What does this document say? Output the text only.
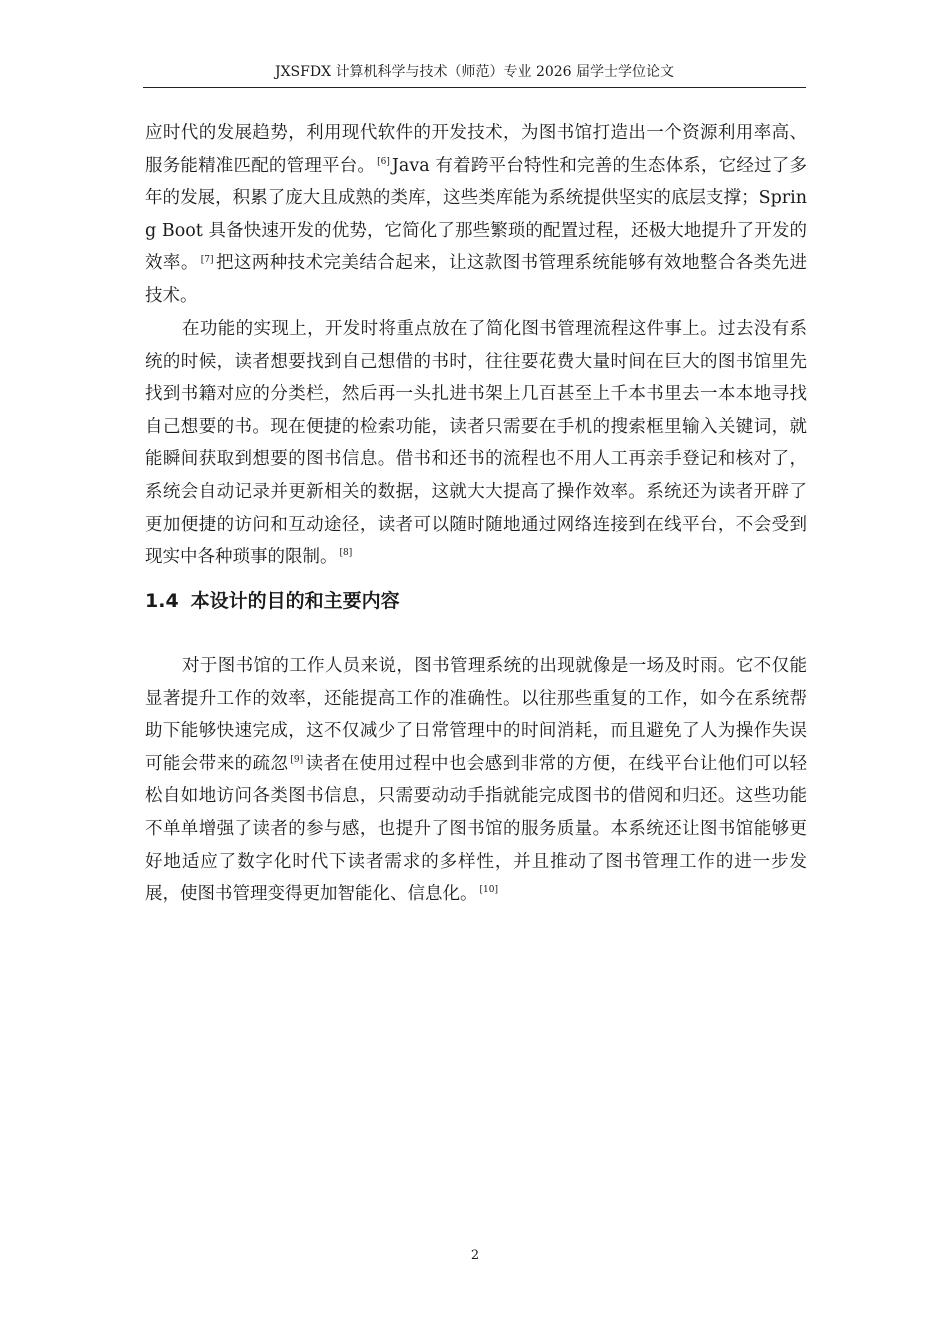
JXSFDX 计算机科学与技术（师范）专业 2026 届学士学位论文

应时代的发展趋势，利用现代软件的开发技术，为图书馆打造出一个资源利用率高、服务能精准匹配的管理平台。 [6] Java 有着跨平台特性和完善的生态体系，它经过了多年的发展，积累了庞大且成熟的类库，这些类库能为系统提供坚实的底层支撑；Spring Boot 具备快速开发的优势，它简化了那些繁琐的配置过程，还极大地提升了开发的效率。 [7] 把这两种技术完美结合起来，让这款图书管理系统能够有效地整合各类先进技术。

在功能的实现上，开发时将重点放在了简化图书管理流程这件事上。过去没有系统的时候，读者想要找到自己想借的书时，往往要花费大量时间在巨大的图书馆里先找到书籍对应的分类栏，然后再一头扎进书架上几百甚至上千本书里去一本本地寻找自己想要的书。现在便捷的检索功能，读者只需要在手机的搜索框里输入关键词，就能瞬间获取到想要的图书信息。借书和还书的流程也不用人工再亲手登记和核对了，系统会自动记录并更新相关的数据，这就大大提高了操作效率。系统还为读者开辟了更加便捷的访问和互动途径，读者可以随时随地通过网络连接到在线平台，不会受到现实中各种琐事的限制。 [8]

1.4 本设计的目的和主要内容

对于图书馆的工作人员来说，图书管理系统的出现就像是一场及时雨。它不仅能显著提升工作的效率，还能提高工作的准确性。以往那些重复的工作，如今在系统帮助下能够快速完成，这不仅减少了日常管理中的时间消耗，而且避免了人为操作失误可能会带来的疏忽 [9] 读者在使用过程中也会感到非常的方便，在线平台让他们可以轻松自如地访问各类图书信息，只需要动动手指就能完成图书的借阅和归还。这些功能不单单增强了读者的参与感，也提升了图书馆的服务质量。本系统还让图书馆能够更好地适应了数字化时代下读者需求的多样性，并且推动了图书管理工作的进一步发展，使图书管理变得更加智能化、信息化。 [10]

2
